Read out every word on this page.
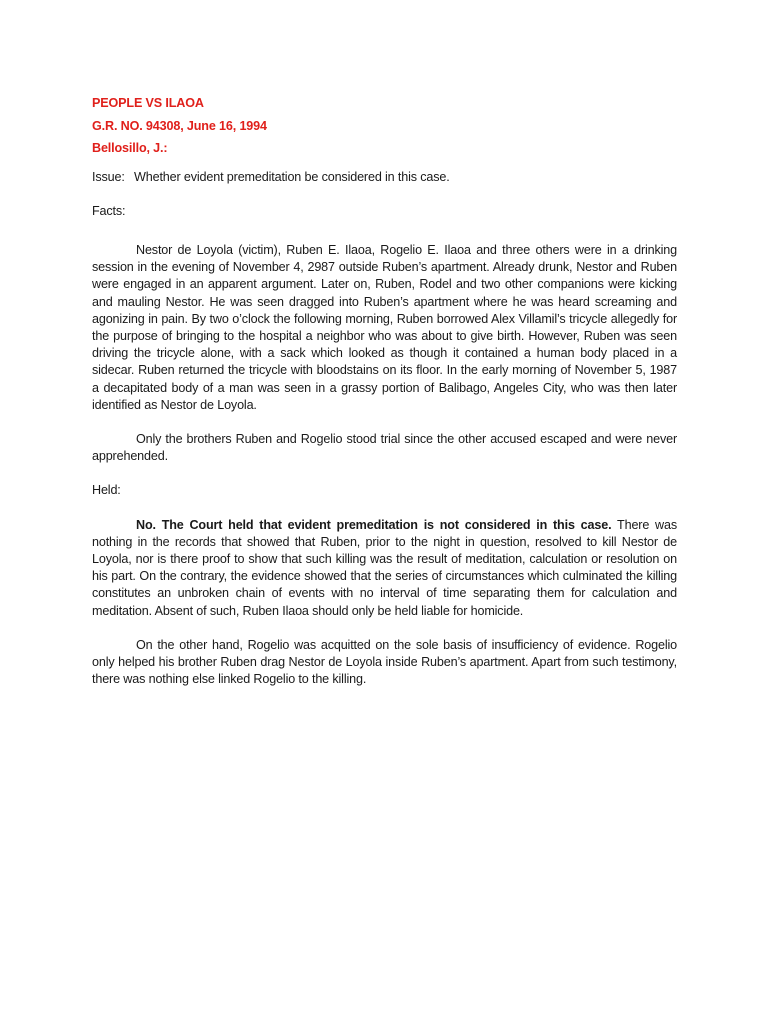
PEOPLE VS ILAOA
G.R. NO. 94308, June 16, 1994
Bellosillo, J.:
Issue: Whether evident premeditation be considered in this case.
Facts:

Nestor de Loyola (victim), Ruben E. Ilaoa, Rogelio E. Ilaoa and three others were in a drinking session in the evening of November 4, 2987 outside Ruben’s apartment. Already drunk, Nestor and Ruben were engaged in an apparent argument. Later on, Ruben, Rodel and two other companions were kicking and mauling Nestor. He was seen dragged into Ruben’s apartment where he was heard screaming and agonizing in pain. By two o’clock the following morning, Ruben borrowed Alex Villamil’s tricycle allegedly for the purpose of bringing to the hospital a neighbor who was about to give birth. However, Ruben was seen driving the tricycle alone, with a sack which looked as though it contained a human body placed in a sidecar. Ruben returned the tricycle with bloodstains on its floor. In the early morning of November 5, 1987 a decapitated body of a man was seen in a grassy portion of Balibago, Angeles City, who was then later identified as Nestor de Loyola.

Only the brothers Ruben and Rogelio stood trial since the other accused escaped and were never apprehended.

Held:

No. The Court held that evident premeditation is not considered in this case. There was nothing in the records that showed that Ruben, prior to the night in question, resolved to kill Nestor de Loyola, nor is there proof to show that such killing was the result of meditation, calculation or resolution on his part. On the contrary, the evidence showed that the series of circumstances which culminated the killing constitutes an unbroken chain of events with no interval of time separating them for calculation and meditation. Absent of such, Ruben Ilaoa should only be held liable for homicide.

On the other hand, Rogelio was acquitted on the sole basis of insufficiency of evidence. Rogelio only helped his brother Ruben drag Nestor de Loyola inside Ruben’s apartment. Apart from such testimony, there was nothing else linked Rogelio to the killing.
